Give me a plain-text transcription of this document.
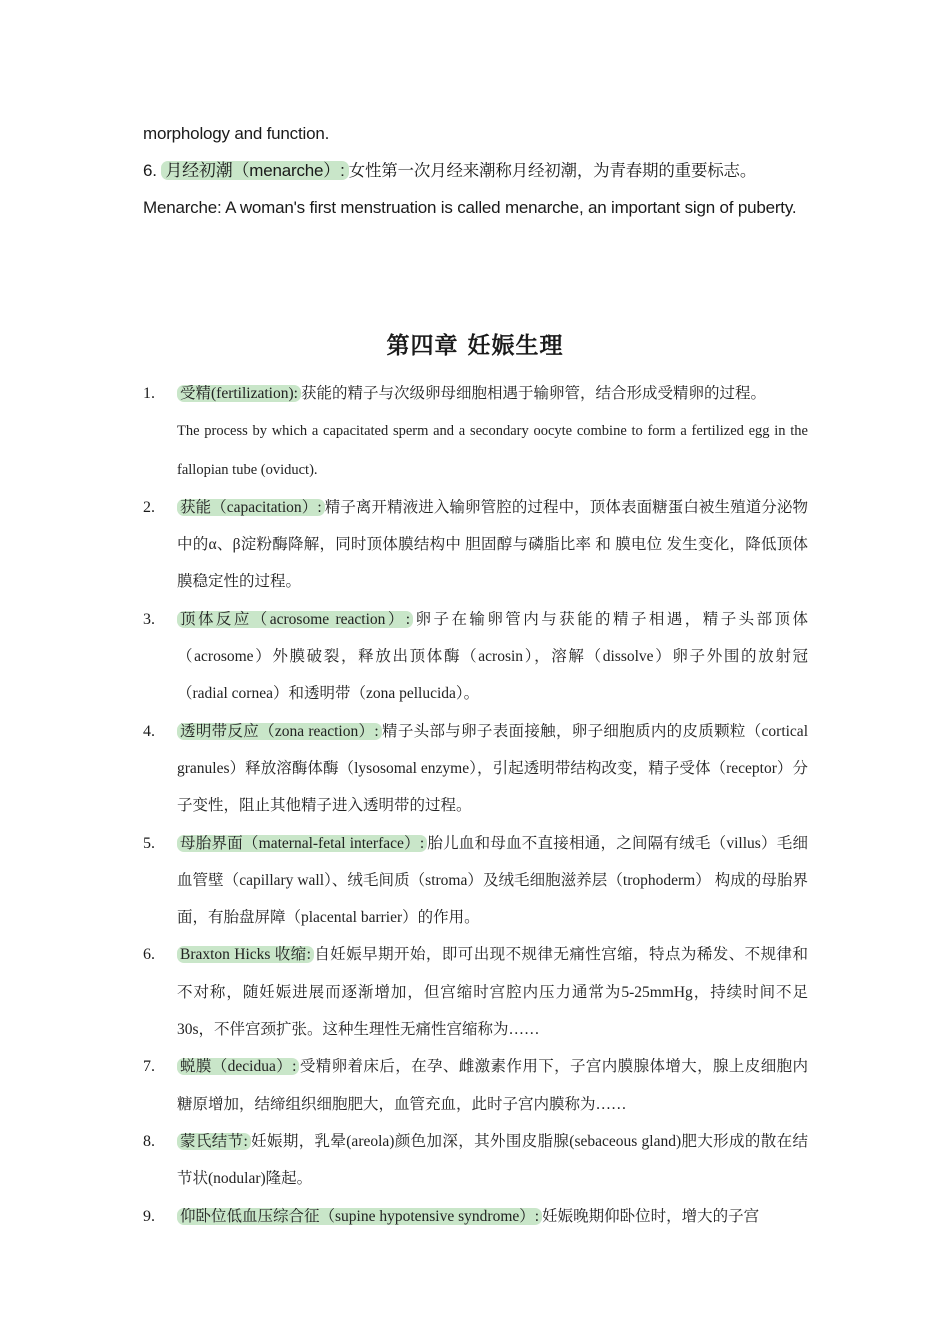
morphology and function.

6. 月经初潮（menarche）: 女性第一次月经来潮称月经初潮，为青春期的重要标志。

Menarche: A woman's first menstruation is called menarche, an important sign of puberty.

第四章 妊娠生理
1.	受精(fertilization): 获能的精子与次级卵母细胞相遇于输卵管，结合形成受精卵的过程。
The process by which a capacitated sperm and a secondary oocyte combine to form a fertilized egg in the fallopian tube (oviduct).
2.	获能（capacitation）: 精子离开精液进入输卵管腔的过程中，顶体表面糖蛋白被生殖道分泌物中的α、β淀粉酶降解，同时顶体膜结构中 胆固醇与磷脂比率 和 膜电位 发生变化，降低顶体膜稳定性的过程。
3.	顶体反应（acrosome reaction）: 卵子在输卵管内与获能的精子相遇，精子头部顶体（acrosome）外膜破裂，释放出顶体酶（acrosin），溶解（dissolve）卵子外围的放射冠（radial cornea）和透明带（zona pellucida）。
4.	透明带反应（zona reaction）: 精子头部与卵子表面接触，卵子细胞质内的皮质颗粒（cortical granules）释放溶酶体酶（lysosomal enzyme），引起透明带结构改变，精子受体（receptor）分子变性，阻止其他精子进入透明带的过程。
5.	母胎界面（maternal-fetal interface）: 胎儿血和母血不直接相通，之间隔有绒毛（villus）毛细血管壁（capillary wall）、绒毛间质（stroma）及绒毛细胞滋养层（trophoderm） 构成的母胎界面，有胎盘屏障（placental barrier）的作用。
6.	Braxton Hicks 收缩: 自妊娠早期开始，即可出现不规律无痛性宫缩，特点为稀发、不规律和不对称，随妊娠进展而逐渐增加，但宫缩时宫腔内压力通常为5-25mmHg，持续时间不足30s，不伴宫颈扩张。这种生理性无痛性宫缩称为……
7.	蜕膜（decidua）: 受精卵着床后，在孕、雌激素作用下，子宫内膜腺体增大，腺上皮细胞内糖原增加，结缔组织细胞肥大，血管充血，此时子宫内膜称为……
8.	蒙氏结节: 妊娠期，乳晕(areola)颜色加深，其外围皮脂腺(sebaceous gland)肥大形成的散在结节状(nodular)隆起。
9.	仰卧位低血压综合征（supine hypotensive syndrome）: 妊娠晚期仰卧位时，增大的子宫
